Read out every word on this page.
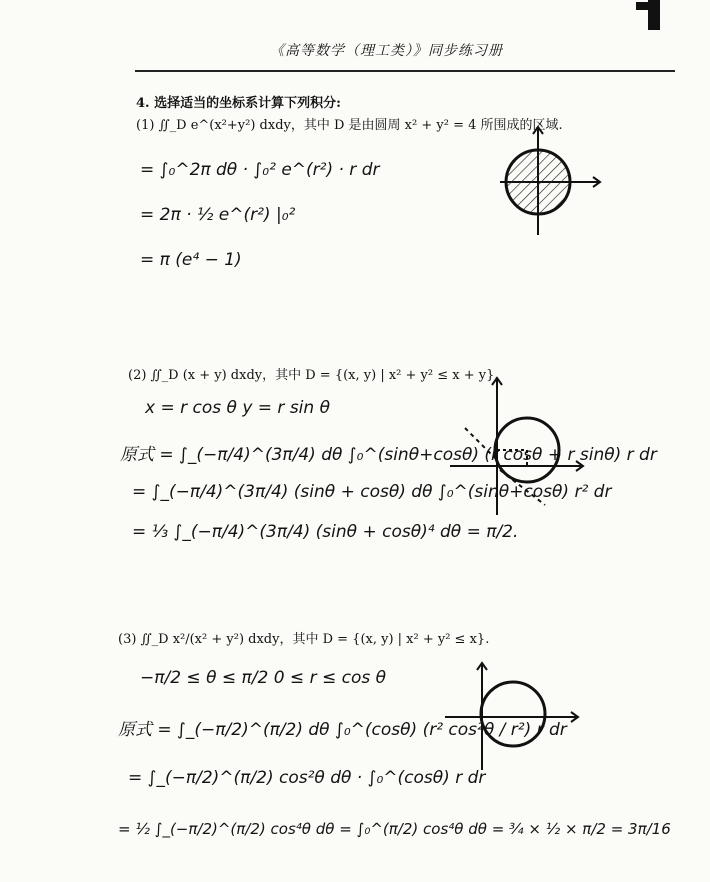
《高等数学（理工类）》同步练习册
4. 选择适当的坐标系计算下列积分:
(1) ∬_D e^(x²+y²) dxdy，其中 D 是由圆周 x² + y² = 4 所围成的区域.
= ∫₀^2π dθ · ∫₀² e^(r²) · r dr
= 2π · ½ e^(r²) |₀²
= π (e⁴ − 1)
(2) ∬_D (x + y) dxdy，其中 D = {(x, y) | x² + y² ≤ x + y}.
x = r cos θ y = r sin θ
原式 = ∫_(−π/4)^(3π/4) dθ ∫₀^(sinθ+cosθ) (r cosθ + r sinθ) r dr
= ∫_(−π/4)^(3π/4) (sinθ + cosθ) dθ ∫₀^(sinθ+cosθ) r² dr
= ⅓ ∫_(−π/4)^(3π/4) (sinθ + cosθ)⁴ dθ = π/2.
(3) ∬_D x²/(x² + y²) dxdy，其中 D = {(x, y) | x² + y² ≤ x}.
−π/2 ≤ θ ≤ π/2 0 ≤ r ≤ cos θ
原式 = ∫_(−π/2)^(π/2) dθ ∫₀^(cosθ) (r² cos²θ / r²) r dr
= ∫_(−π/2)^(π/2) cos²θ dθ · ∫₀^(cosθ) r dr
= ½ ∫_(−π/2)^(π/2) cos⁴θ dθ = ∫₀^(π/2) cos⁴θ dθ = ¾ × ½ × π/2 = 3π/16
